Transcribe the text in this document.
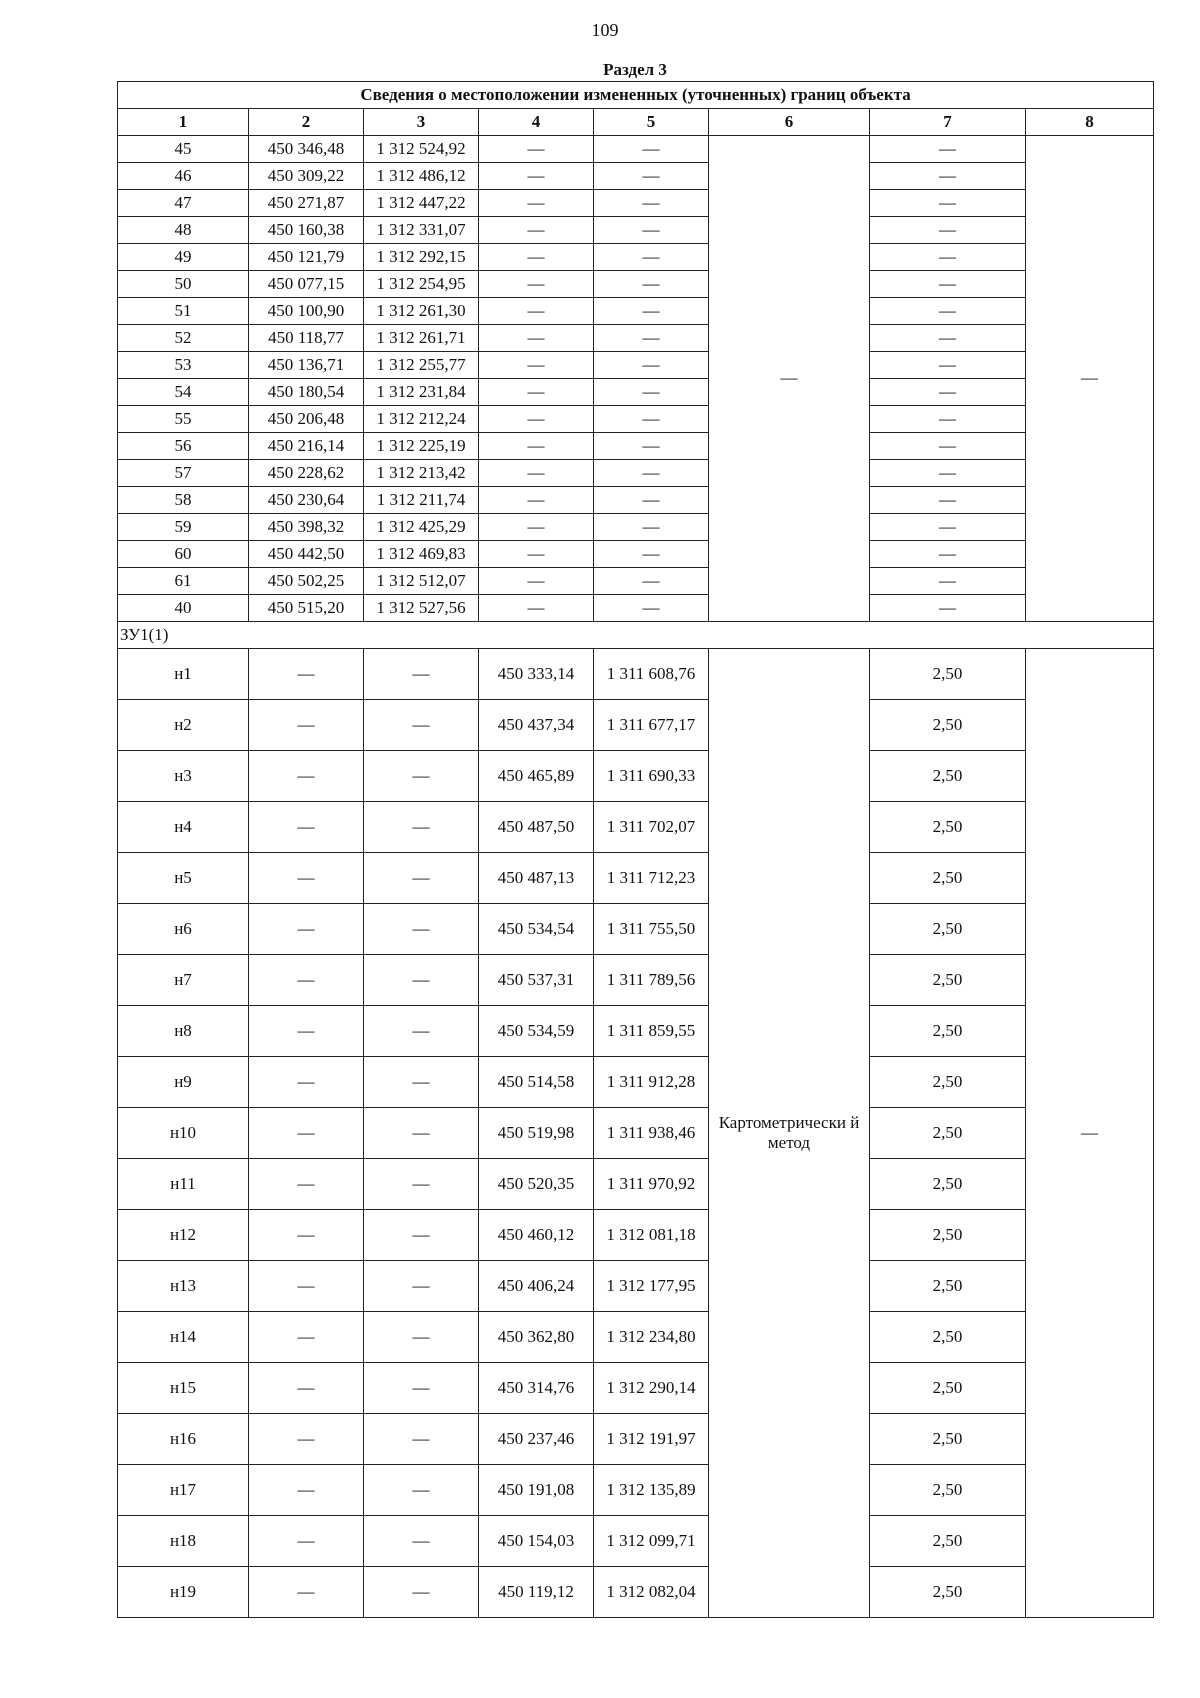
109
Раздел 3
Сведения о местоположении измененных (уточненных) границ объекта							
1	2	3	4	5	6	7	8
45	450 346,48	1 312 524,92	—	—	—	—	—
46	450 309,22	1 312 486,12	—	—		—	
47	450 271,87	1 312 447,22	—	—		—	
48	450 160,38	1 312 331,07	—	—		—	
49	450 121,79	1 312 292,15	—	—		—	
50	450 077,15	1 312 254,95	—	—		—	
51	450 100,90	1 312 261,30	—	—		—	
52	450 118,77	1 312 261,71	—	—		—	
53	450 136,71	1 312 255,77	—	—		—	
54	450 180,54	1 312 231,84	—	—		—	
55	450 206,48	1 312 212,24	—	—		—	
56	450 216,14	1 312 225,19	—	—		—	
57	450 228,62	1 312 213,42	—	—		—	
58	450 230,64	1 312 211,74	—	—		—	
59	450 398,32	1 312 425,29	—	—		—	
60	450 442,50	1 312 469,83	—	—		—	
61	450 502,25	1 312 512,07	—	—		—	
40	450 515,20	1 312 527,56	—	—		—	
ЗУ1(1)							
н1	—	—	450 333,14	1 311 608,76	Картометрически й метод	2,50	—
н2	—	—	450 437,34	1 311 677,17		2,50	
н3	—	—	450 465,89	1 311 690,33		2,50	
н4	—	—	450 487,50	1 311 702,07		2,50	
н5	—	—	450 487,13	1 311 712,23		2,50	
н6	—	—	450 534,54	1 311 755,50		2,50	
н7	—	—	450 537,31	1 311 789,56		2,50	
н8	—	—	450 534,59	1 311 859,55		2,50	
н9	—	—	450 514,58	1 311 912,28		2,50	
н10	—	—	450 519,98	1 311 938,46		2,50	
н11	—	—	450 520,35	1 311 970,92		2,50	
н12	—	—	450 460,12	1 312 081,18		2,50	
н13	—	—	450 406,24	1 312 177,95		2,50	
н14	—	—	450 362,80	1 312 234,80		2,50	
н15	—	—	450 314,76	1 312 290,14		2,50	
н16	—	—	450 237,46	1 312 191,97		2,50	
н17	—	—	450 191,08	1 312 135,89		2,50	
н18	—	—	450 154,03	1 312 099,71		2,50	
н19	—	—	450 119,12	1 312 082,04		2,50	
